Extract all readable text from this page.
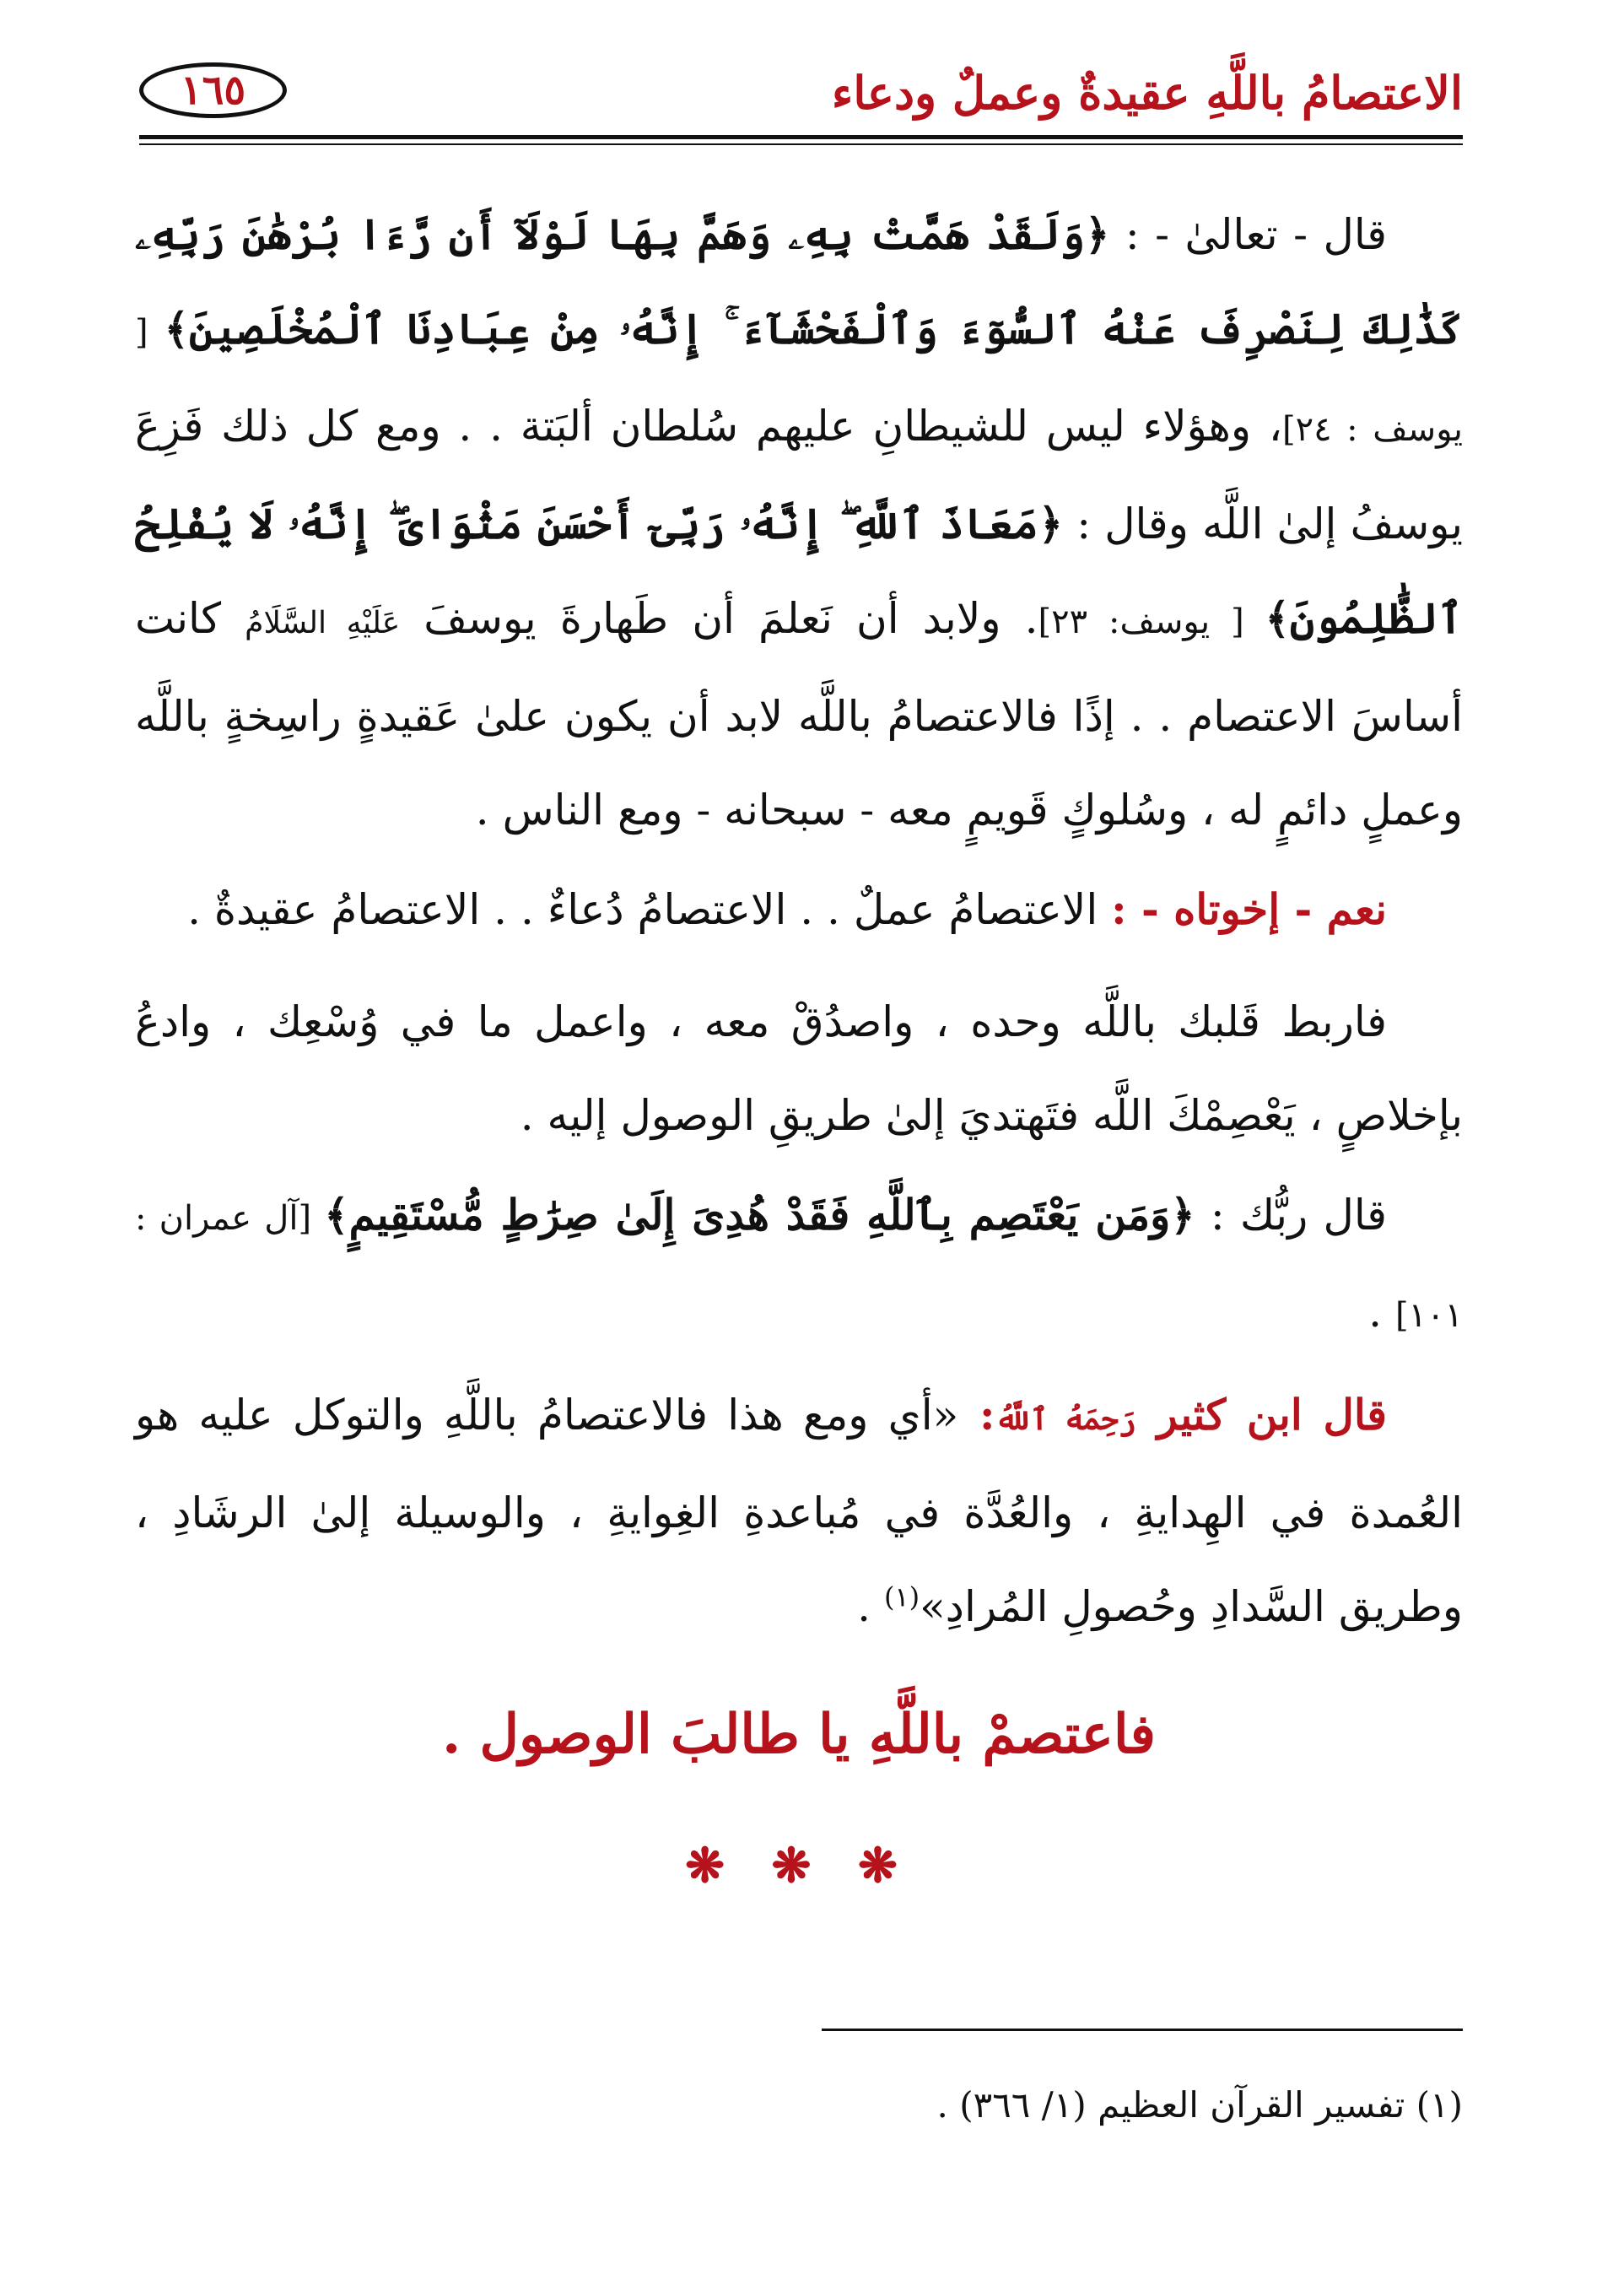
الاعتصامُ باللَّهِ عقيدةٌ وعملٌ ودعاء
١٦٥

قال - تعالىٰ - : ﴿وَلَقَدْ هَمَّتْ بِهِۦ وَهَمَّ بِهَا لَوْلَآ أَن رَّءَا بُرْهَٰنَ رَبِّهِۦ كَذَٰلِكَ لِنَصْرِفَ عَنْهُ ٱلسُّوٓءَ وَٱلْفَحْشَآءَ ۚ إِنَّهُۥ مِنْ عِبَادِنَا ٱلْمُخْلَصِينَ﴾ [ يوسف : ٢٤]، وهؤلاء ليس للشيطانِ عليهم سُلطان ألبَتة . . ومع كل ذلك فَزِعَ يوسفُ إلىٰ اللَّه وقال : ﴿مَعَاذَ ٱللَّهِ ۖ إِنَّهُۥ رَبِّىٓ أَحْسَنَ مَثْوَاىَ ۖ إِنَّهُۥ لَا يُفْلِحُ ٱلظَّٰلِمُونَ﴾ [ يوسف: ٢٣]. ولابد أن نَعلمَ أن طَهارةَ يوسفَ عَلَيْهِ السَّلَامُ كانت أساسَ الاعتصام . . إذًا فالاعتصامُ باللَّه لابد أن يكون علىٰ عَقيدةٍ راسِخةٍ باللَّه وعملٍ دائمٍ له ، وسُلوكٍ قَويمٍ معه - سبحانه - ومع الناس .

نعم - إخوتاه - : الاعتصامُ عملٌ . . الاعتصامُ دُعاءٌ . . الاعتصامُ عقيدةٌ .

فاربط قَلبك باللَّه وحده ، واصدُقْ معه ، واعمل ما في وُسْعِك ، وادعُ بإخلاصٍ ، يَعْصِمْكَ اللَّه فتَهتديَ إلىٰ طريقِ الوصول إليه .

قال ربُّك : ﴿وَمَن يَعْتَصِم بِٱللَّهِ فَقَدْ هُدِىَ إِلَىٰ صِرَٰطٍ مُّسْتَقِيمٍ﴾ [آل عمران : ١٠١] .

قال ابن كثير رَحِمَهُ ٱللَّهُ: «أي ومع هذا فالاعتصامُ باللَّهِ والتوكل عليه هو العُمدة في الهِدايةِ ، والعُدَّة في مُباعدةِ الغِوايةِ ، والوسيلة إلىٰ الرشَادِ ، وطريق السَّدادِ وحُصولِ المُرادِ»$^{(١)}$ .

فاعتصمْ باللَّهِ يا طالبَ الوصول .
❋ ❋ ❋
(١) تفسير القرآن العظيم (١/ ٣٦٦) .
